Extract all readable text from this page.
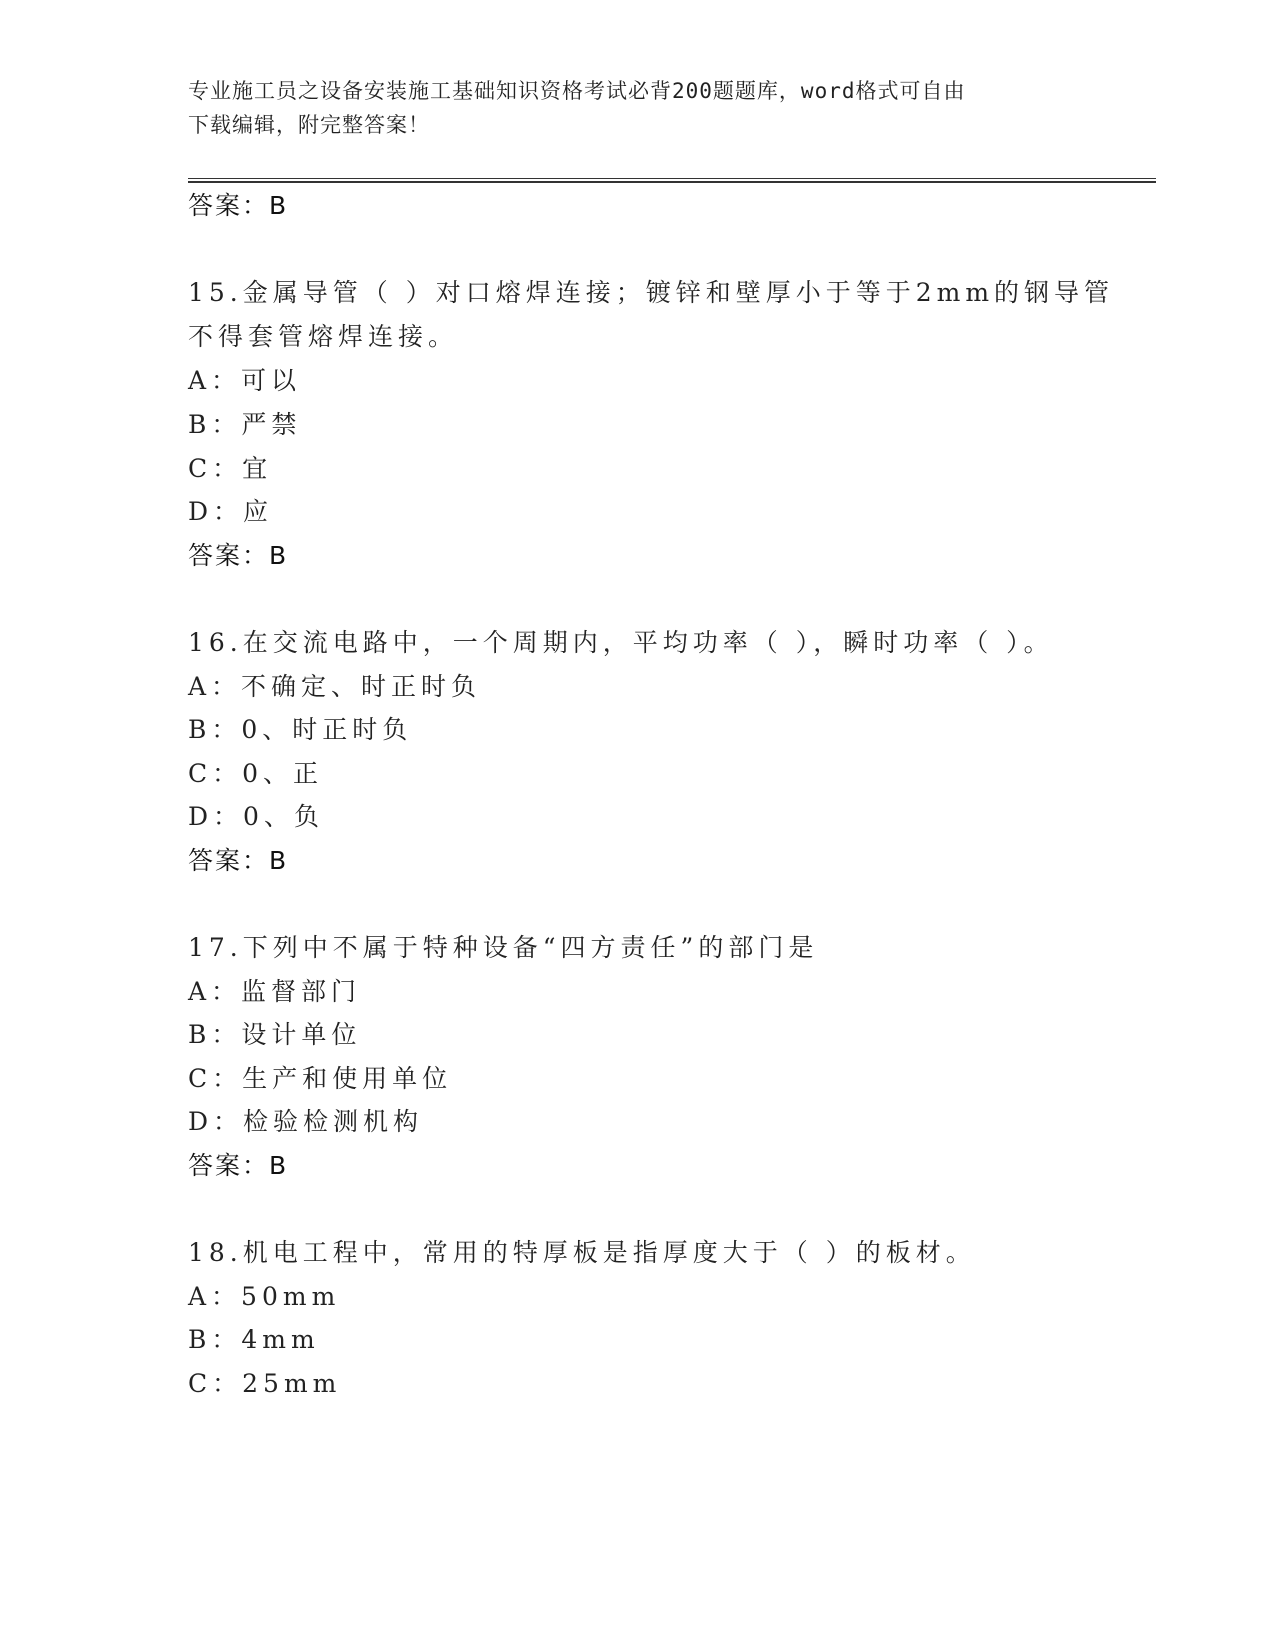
专业施工员之设备安装施工基础知识资格考试必背200题题库，word格式可自由
下载编辑，附完整答案！
答案：B
15.金属导管（ ）对口熔焊连接；镀锌和壁厚小于等于2mm的钢导管
不得套管熔焊连接。
A：可以
B：严禁
C：宜
D：应
答案：B
16.在交流电路中，一个周期内，平均功率（ ），瞬时功率（ ）。
A：不确定、时正时负
B：0、时正时负
C：0、正
D：0、负
答案：B
17.下列中不属于特种设备“四方责任”的部门是
A：监督部门
B：设计单位
C：生产和使用单位
D：检验检测机构
答案：B
18.机电工程中，常用的特厚板是指厚度大于（ ）的板材。
A：50mm
B：4mm
C：25mm
